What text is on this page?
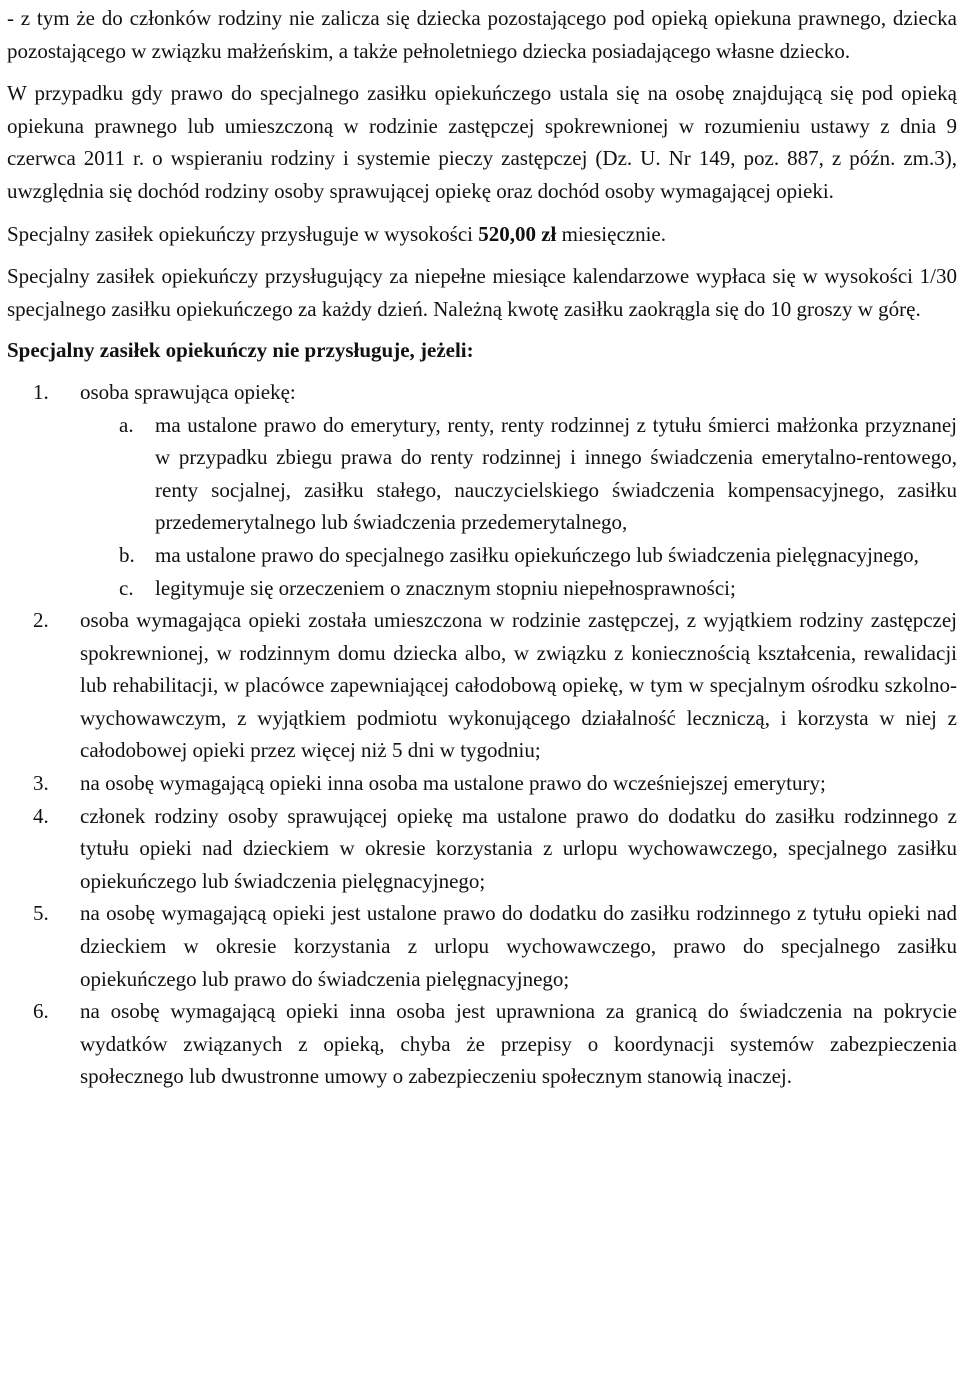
- z tym że do członków rodziny nie zalicza się dziecka pozostającego pod opieką opiekuna prawnego, dziecka pozostającego w związku małżeńskim, a także pełnoletniego dziecka posiadającego własne dziecko.

W przypadku gdy prawo do specjalnego zasiłku opiekuńczego ustala się na osobę znajdującą się pod opieką opiekuna prawnego lub umieszczoną w rodzinie zastępczej spokrewnionej w rozumieniu ustawy z dnia 9 czerwca 2011 r. o wspieraniu rodziny i systemie pieczy zastępczej (Dz. U. Nr 149, poz. 887, z późn. zm.3), uwzględnia się dochód rodziny osoby sprawującej opiekę oraz dochód osoby wymagającej opieki.

Specjalny zasiłek opiekuńczy przysługuje w wysokości 520,00 zł miesięcznie.

Specjalny zasiłek opiekuńczy przysługujący za niepełne miesiące kalendarzowe wypłaca się w wysokości 1/30 specjalnego zasiłku opiekuńczego za każdy dzień. Należną kwotę zasiłku zaokrągla się do 10 groszy w górę.

Specjalny zasiłek opiekuńczy nie przysługuje, jeżeli:

1.	osoba sprawująca opiekę:
a.	ma ustalone prawo do emerytury, renty, renty rodzinnej z tytułu śmierci małżonka przyznanej w przypadku zbiegu prawa do renty rodzinnej i innego świadczenia emerytalno-rentowego, renty socjalnej, zasiłku stałego, nauczycielskiego świadczenia kompensacyjnego, zasiłku przedemerytalnego lub świadczenia przedemerytalnego,
b. ma ustalone prawo do specjalnego zasiłku opiekuńczego lub świadczenia pielęgnacyjnego,
c.	legitymuje się orzeczeniem o znacznym stopniu niepełnosprawności;
2.	osoba wymagająca opieki została umieszczona w rodzinie zastępczej, z wyjątkiem rodziny zastępczej spokrewnionej, w rodzinnym domu dziecka albo, w związku z koniecznością kształcenia, rewalidacji lub rehabilitacji, w placówce zapewniającej całodobową opiekę, w tym w specjalnym ośrodku szkolno-wychowawczym, z wyjątkiem podmiotu wykonującego działalność leczniczą, i korzysta w niej z całodobowej opieki przez więcej niż 5 dni w tygodniu;
3.	na osobę wymagającą opieki inna osoba ma ustalone prawo do wcześniejszej emerytury;
4.	członek rodziny osoby sprawującej opiekę ma ustalone prawo do dodatku do zasiłku rodzinnego z tytułu opieki nad dzieckiem w okresie korzystania z urlopu wychowawczego, specjalnego zasiłku opiekuńczego lub świadczenia pielęgnacyjnego;
5.	na osobę wymagającą opieki jest ustalone prawo do dodatku do zasiłku rodzinnego z tytułu opieki nad dzieckiem w okresie korzystania z urlopu wychowawczego, prawo do specjalnego zasiłku opiekuńczego lub prawo do świadczenia pielęgnacyjnego;
6.	na osobę wymagającą opieki inna osoba jest uprawniona za granicą do świadczenia na pokrycie wydatków związanych z opieką, chyba że przepisy o koordynacji systemów zabezpieczenia społecznego lub dwustronne umowy o zabezpieczeniu społecznym stanowią inaczej.
